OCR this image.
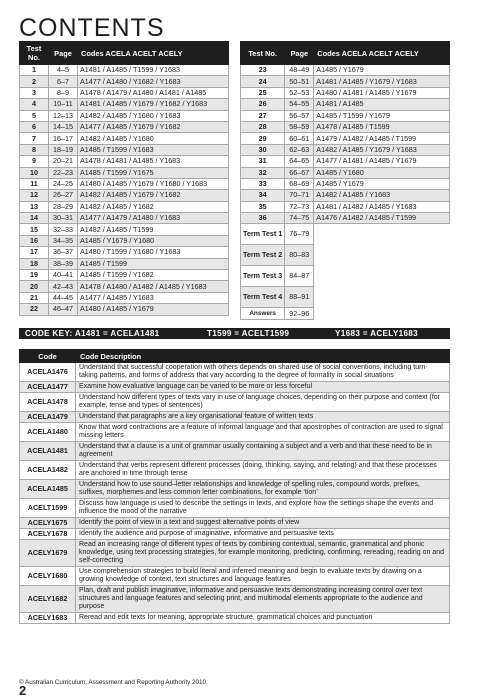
CONTENTS
Test No.	Page	Codes ACELA ACELT ACELY
1	4–5	A1481 / A1485 / T1599 / Y1683
2	6–7	A1477 / A1480 / Y1682 / Y1683
3	8–9	A1478 / A1479 / A1480 / A1481 / A1485
4	10–11	A1481 / A1485 / Y1679 / Y1682 / Y1683
5	12–13	A1482 / A1485 / Y1680 / Y1683
6	14–15	A1477 / A1485 / Y1679 / Y1682
7	16–17	A1482 / A1485 / Y1680
8	18–19	A1485 / T1599 / Y1683
9	20–21	A1478 / A1481 / A1485 / Y1683
10	22–23	A1485 / T1599 / Y1675
11	24–25	A1480 / A1485 / Y1679 / Y1680 / Y1683
12	26–27	A1482 / A1485 / Y1679 / Y1682
13	28–29	A1482 / A1485 / Y1682
14	30–31	A1477 / A1479 / A1480 / Y1683
15	32–33	A1482 / A1485 / T1599
16	34–35	A1485 / Y1679 / Y1680
17	36–37	A1480 / T1599 / Y1680 / Y1683
18	38–39	A1485 / T1599
19	40–41	A1485 / T1599 / Y1682
20	42–43	A1478 / A1480 / A1482 / A1485 / Y1683
21	44–45	A1477 / A1485 / Y1683
22	46–47	A1480 / A1485 / Y1679
Test No.	Page	Codes ACELA ACELT ACELY
23	48–49	A1485 / Y1679
24	50–51	A1481 / A1485 / Y1679 / Y1683
25	52–53	A1480 / A1481 / A1485 / Y1679
26	54–55	A1481 / A1485
27	56–57	A1485 / T1599 / Y1679
28	58–59	A1478 / A1485 / T1599
29	60–61	A1479 / A1482 / A1485 / T1599
30	62–63	A1482 / A1485 / Y1679 / Y1683
31	64–65	A1477 / A1481 / A1485 / Y1679
32	66–67	A1485 / Y1680
33	68–69	A1485 / Y1679
34	70–71	A1482 / A1485 / Y1683
35	72–73	A1481 / A1482 / A1485 / Y1683
36	74–75	A1476 / A1482 / A1485 / T1599
Term Test 1	76–79	
Term Test 2	80–83	
Term Test 3	84–87	
Term Test 4	88–91	
Answers	92–96	
CODE KEY: A1481 = ACELA1481	T1599 = ACELT1599	Y1683 = ACELY1683
Code	Code Description
ACELA1476	Understand that successful cooperation with others depends on shared use of social conventions, including turn-taking patterns, and forms of address that vary according to the degree of formality in social situations
ACELA1477	Examine how evaluative language can be varied to be more or less forceful
ACELA1478	Understand how different types of texts vary in use of language choices, depending on their purpose and context (for example, tense and types of sentences)
ACELA1479	Understand that paragraphs are a key organisational feature of written texts
ACELA1480	Know that word contractions are a feature of informal language and that apostrophes of contraction are used to signal missing letters
ACELA1481	Understand that a clause is a unit of grammar usually containing a subject and a verb and that these need to be in agreement
ACELA1482	Understand that verbs represent different processes (doing, thinking, saying, and relating) and that these processes are anchored in time through tense
ACELA1485	Understand how to use sound–letter relationships and knowledge of spelling rules, compound words, prefixes, suffixes, morphemes and less common letter combinations, for example ‘tion’
ACELT1599	Discuss how language is used to describe the settings in texts, and explore how the settings shape the events and influence the mood of the narrative
ACELY1675	Identify the point of view in a text and suggest alternative points of view
ACELY1678	Identify the audience and purpose of imaginative, informative and persuasive texts
ACELY1679	Read an increasing range of different types of texts by combining contextual, semantic, grammatical and phonic knowledge, using text processing strategies, for example monitoring, predicting, confirming, rereading, reading on and self-correcting
ACELY1680	Use comprehension strategies to build literal and inferred meaning and begin to evaluate texts by drawing on a growing knowledge of context, text structures and language features
ACELY1682	Plan, draft and publish imaginative, informative and persuasive texts demonstrating increasing control over text structures and language features and selecting print, and multimodal elements appropriate to the audience and purpose
ACELY1683	Reread and edit texts for meaning, appropriate structure, grammatical choices and punctuation
© Australian Curriculum, Assessment and Reporting Authority 2010.
2
